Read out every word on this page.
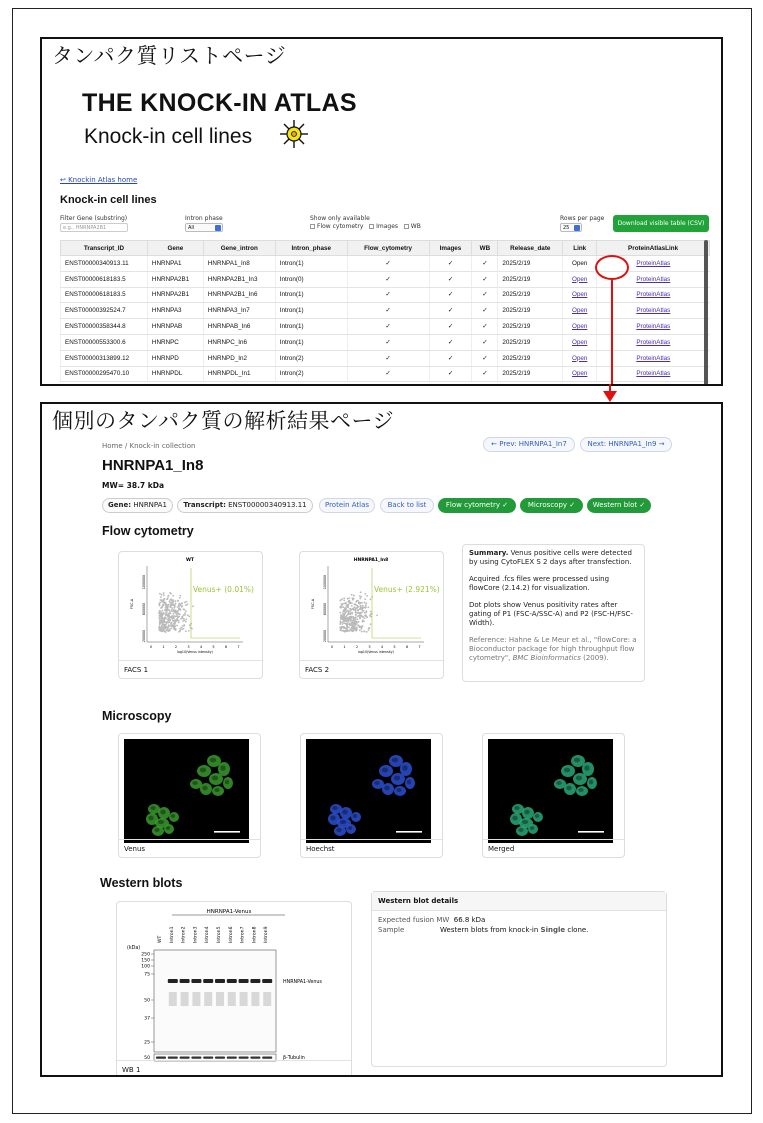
タンパク質リストページ
THE KNOCK-IN ATLAS
Knock-in cell lines
↩ Knockin Atlas home
Knock-in cell lines
Filter Gene (substring)
e.g., HNRNPA2B1
Intron phase
All
Show only available
Flow cytometry Images WB
Rows per page
25
Download visible table (CSV)
Transcript_ID	Gene	Gene_intron	Intron_phase	Flow_cytometry	Images	WB	Release_date	Link	ProteinAtlasLink
ENST00000340913.11	HNRNPA1	HNRNPA1_In8	Intron(1)	✓	✓	✓	2025/2/19	Open	ProteinAtlas
ENST00000618183.5	HNRNPA2B1	HNRNPA2B1_In3	Intron(0)	✓	✓	✓	2025/2/19	Open	ProteinAtlas
ENST00000618183.5	HNRNPA2B1	HNRNPA2B1_In6	Intron(1)	✓	✓	✓	2025/2/19	Open	ProteinAtlas
ENST00000392524.7	HNRNPA3	HNRNPA3_In7	Intron(1)	✓	✓	✓	2025/2/19	Open	ProteinAtlas
ENST00000358344.8	HNRNPAB	HNRNPAB_In6	Intron(1)	✓	✓	✓	2025/2/19	Open	ProteinAtlas
ENST00000553300.6	HNRNPC	HNRNPC_In6	Intron(1)	✓	✓	✓	2025/2/19	Open	ProteinAtlas
ENST00000313899.12	HNRNPD	HNRNPD_In2	Intron(2)	✓	✓	✓	2025/2/19	Open	ProteinAtlas
ENST00000295470.10	HNRNPDL	HNRNPDL_In1	Intron(2)	✓	✓	✓	2025/2/19	Open	ProteinAtlas
個別のタンパク質の解析結果ページ
Home / Knock-in collection	← Prev: HNRNPA1_In7	Next: HNRNPA1_In9 →
HNRNPA1_In8
MW= 38.7 kDa
Gene: HNRNPA1	Transcript: ENST00000340913.11	Protein Atlas	Back to list	Flow cytometry ✓	Microscopy ✓	Western blot ✓
Flow cytometry
WT
0	1	2	3	4	5	6	7
200000
600000
1000000
log10(Venus intensity)
FSC-A
Venus+ (0.01%)
FACS 1
HNRNPA1_In8
0	1	2	3	4	5	6	7
200000
600000
1000000
log10(Venus intensity)
FSC-A
Venus+ (2.921%)
FACS 2

Summary. Venus positive cells were detected by using CytoFLEX S 2 days after transfection.

Acquired .fcs files were processed using flowCore (2.14.2) for visualization.

Dot plots show Venus positivity rates after gating of P1 (FSC-A/SSC-A) and P2 (FSC-H/FSC-Width).

Reference: Hahne & Le Meur et al., "flowCore: a Bioconductor package for high throughput flow cytometry", BMC Bioinformatics (2009).

Microscopy
Venus	Hoechst	Merged
Western blots
HNRNPA1-Venus
WT Intron1 Intron2 Intron3 Intron4 Intron5 Intron6 Intron7 Intron8 Intron9
(kDa)
250
150
100
75
50
37
25
HNRNPA1-Venus
50	β-Tubulin
WB 1
Western blot details
Expected fusion MW 66.8 kDa
Sample	Western blots from knock-in Single clone.
